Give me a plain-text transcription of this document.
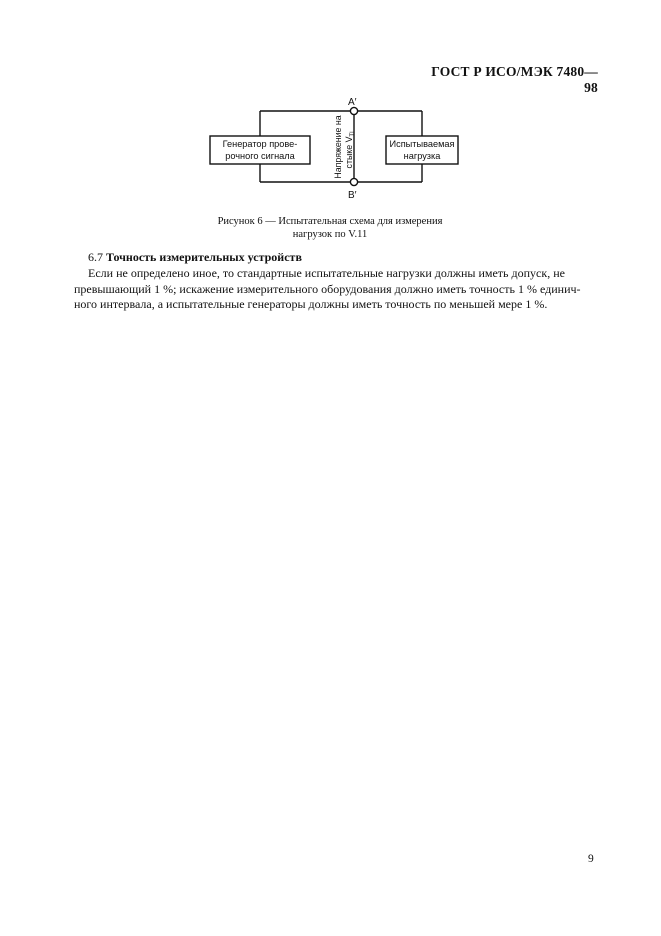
ГОСТ Р ИСО/МЭК 7480—98
A′
B′
Генератор прове-
рочного сигнала
Испытываемая
нагрузка
Напряжение на стыке $V_{TL}$
Рисунок 6 — Испытательная схема для измерения
нагрузок по V.11
6.7 Точность измерительных устройств
Если не определено иное, то стандартные испытательные нагрузки должны иметь допуск, не
превышающий 1 %; искажение измерительного оборудования должно иметь точность 1 % единич-
ного интервала, а испытательные генераторы должны иметь точность по меньшей мере 1 %.
9
